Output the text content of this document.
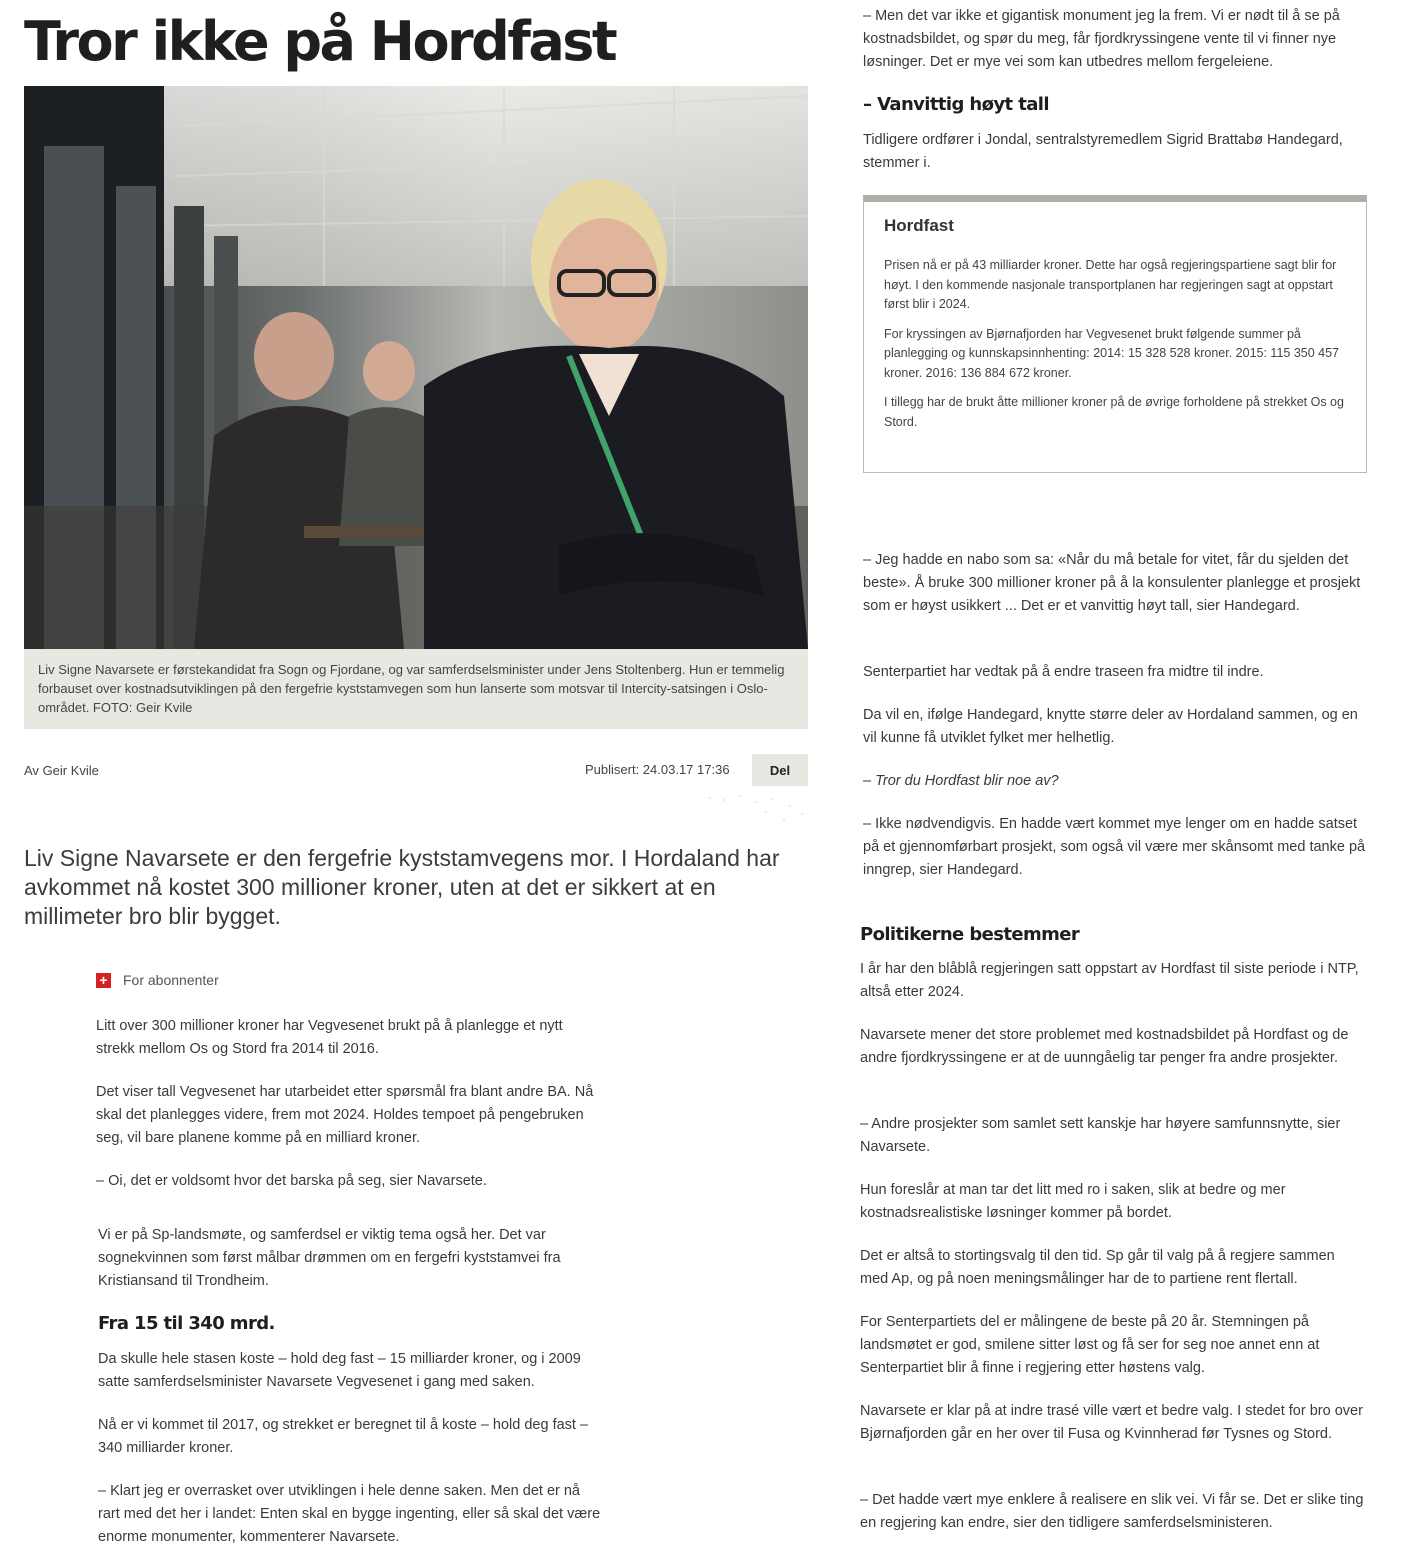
Tror ikke på Hordfast
Liv Signe Navarsete er førstekandidat fra Sogn og Fjordane, og var samferdselsminister under Jens Stoltenberg. Hun er temmelig forbauset over kostnadsutviklingen på den fergefrie kyststamvegen som hun lanserte som motsvar til Intercity-satsingen i Oslo-området. FOTO: Geir Kvile
Av Geir Kvile	Publisert: 24.03.17 17:36	Del
Liv Signe Navarsete er den fergefrie kyststamvegens mor. I Hordaland har avkommet nå kostet 300 millioner kroner, uten at det er sikkert at en millimeter bro blir bygget.
+ For abonnenter

Litt over 300 millioner kroner har Vegvesenet brukt på å planlegge et nytt strekk mellom Os og Stord fra 2014 til 2016.

Det viser tall Vegvesenet har utarbeidet etter spørsmål fra blant andre BA. Nå skal det planlegges videre, frem mot 2024. Holdes tempoet på pengebruken seg, vil bare planene komme på en milliard kroner.

– Oi, det er voldsomt hvor det barska på seg, sier Navarsete.

Vi er på Sp-landsmøte, og samferdsel er viktig tema også her. Det var sognekvinnen som først målbar drømmen om en fergefri kyststamvei fra Kristiansand til Trondheim.

Fra 15 til 340 mrd.

Da skulle hele stasen koste – hold deg fast – 15 milliarder kroner, og i 2009 satte samferdselsminister Navarsete Vegvesenet i gang med saken.

Nå er vi kommet til 2017, og strekket er beregnet til å koste – hold deg fast – 340 milliarder kroner.

– Klart jeg er overrasket over utviklingen i hele denne saken. Men det er nå rart med det her i landet: Enten skal en bygge ingenting, eller så skal det være enorme monumenter, kommenterer Navarsete.

– Men det var ikke et gigantisk monument jeg la frem. Vi er nødt til å se på kostnadsbildet, og spør du meg, får fjordkryssingene vente til vi finner nye løsninger. Det er mye vei som kan utbedres mellom fergeleiene.

– Vanvittig høyt tall

Tidligere ordfører i Jondal, sentralstyremedlem Sigrid Brattabø Handegard, stemmer i.

Hordfast

Prisen nå er på 43 milliarder kroner. Dette har også regjeringspartiene sagt blir for høyt. I den kommende nasjonale transportplanen har regjeringen sagt at oppstart først blir i 2024.

For kryssingen av Bjørnafjorden har Vegvesenet brukt følgende summer på planlegging og kunnskapsinnhenting: 2014: 15 328 528 kroner. 2015: 115 350 457 kroner. 2016: 136 884 672 kroner.

I tillegg har de brukt åtte millioner kroner på de øvrige forholdene på strekket Os og Stord.

– Jeg hadde en nabo som sa: «Når du må betale for vitet, får du sjelden det beste». Å bruke 300 millioner kroner på å la konsulenter planlegge et prosjekt som er høyst usikkert ... Det er et vanvittig høyt tall, sier Handegard.

Senterpartiet har vedtak på å endre traseen fra midtre til indre.

Da vil en, ifølge Handegard, knytte større deler av Hordaland sammen, og en vil kunne få utviklet fylket mer helhetlig.

– Tror du Hordfast blir noe av?

– Ikke nødvendigvis. En hadde vært kommet mye lenger om en hadde satset på et gjennomførbart prosjekt, som også vil være mer skånsomt med tanke på inngrep, sier Handegard.

Politikerne bestemmer

I år har den blåblå regjeringen satt oppstart av Hordfast til siste periode i NTP, altså etter 2024.

Navarsete mener det store problemet med kostnadsbildet på Hordfast og de andre fjordkryssingene er at de uunngåelig tar penger fra andre prosjekter.

– Andre prosjekter som samlet sett kanskje har høyere samfunnsnytte, sier Navarsete.

Hun foreslår at man tar det litt med ro i saken, slik at bedre og mer kostnadsrealistiske løsninger kommer på bordet.

Det er altså to stortingsvalg til den tid. Sp går til valg på å regjere sammen med Ap, og på noen meningsmålinger har de to partiene rent flertall.

For Senterpartiets del er målingene de beste på 20 år. Stemningen på landsmøtet er god, smilene sitter løst og få ser for seg noe annet enn at Senterpartiet blir å finne i regjering etter høstens valg.

Navarsete er klar på at indre trasé ville vært et bedre valg. I stedet for bro over Bjørnafjorden går en her over til Fusa og Kvinnherad før Tysnes og Stord.

– Det hadde vært mye enklere å realisere en slik vei. Vi får se. Det er slike ting en regjering kan endre, sier den tidligere samferdselsministeren.
